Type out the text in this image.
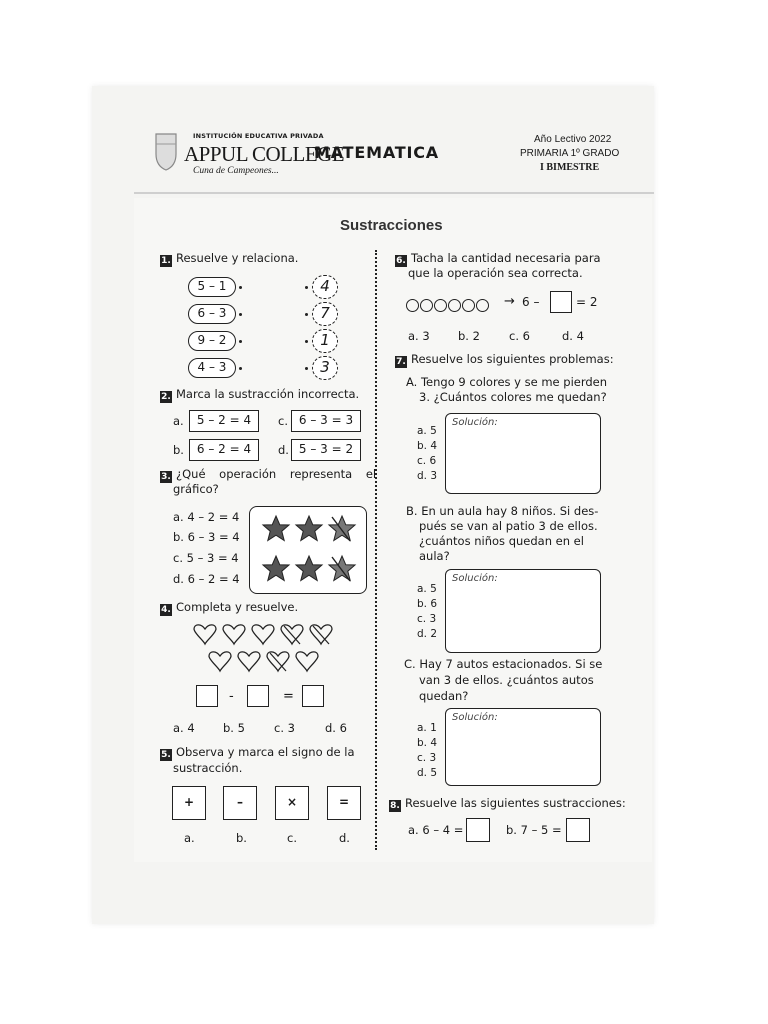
INSTITUCIÓN EDUCATIVA PRIVADA
APPUL COLLEGE
Cuna de Campeones...
MATEMATICA
Año Lectivo 2022
PRIMARIA 1º GRADO
I BIMESTRE
Sustracciones
1. Resuelve y relaciona.
5 – 1
6 – 3
9 – 2
4 – 3
4
7
1
3
2. Marca la sustracción incorrecta.
a.	5 – 2 = 4	c. 6 – 3 = 3
b.	6 – 2 = 4	d. 5 – 3 = 2
3. ¿Qué operación representa el
gráfico?
a. 4 – 2 = 4
b. 6 – 3 = 4
c. 5 – 3 = 4
d. 6 – 2 = 4
4. Completa y resuelve.
-	=
a. 4 b. 5	c. 3	d. 6
5. Observa y marca el signo de la
sustracción.
+	–	×	=
a.	b.	c.	d.
6. Tacha la cantidad necesaria para
que la operación sea correcta.
→ 6 –	= 2
a. 3 b. 2	c. 6	d. 4
7. Resuelve los siguientes problemas:
A. Tengo 9 colores y se me pierden
3. ¿Cuántos colores me quedan?
a. 5
b. 4
c. 6
d. 3
Solución:
B. En un aula hay 8 niños. Si des-
pués se van al patio 3 de ellos.
¿cuántos niños quedan en el
aula?
a. 5
b. 6
c. 3
d. 2
Solución:
C. Hay 7 autos estacionados. Si se
van 3 de ellos. ¿cuántos autos
quedan?
a. 1
b. 4
c. 3
d. 5
Solución:
8. Resuelve las siguientes sustracciones:
a. 6 – 4 =	b. 7 – 5 =
